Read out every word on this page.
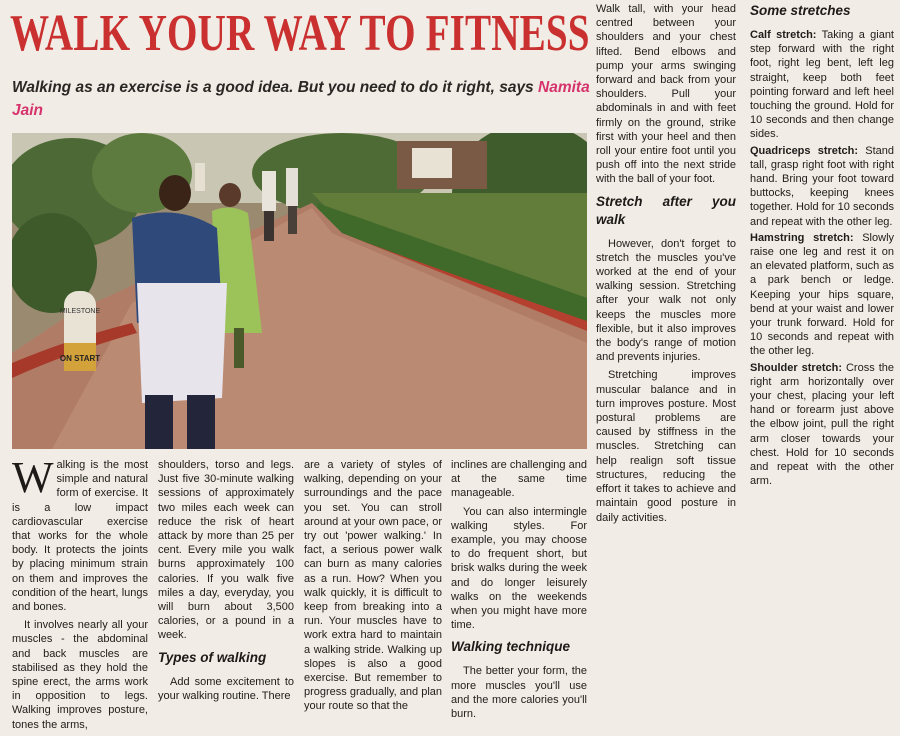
WALK YOUR WAY TO FITNESS
Walking as an exercise is a good idea. But you need to do it right, says Namita Jain
MILESTONE
ON START

Walking is the most simple and natural form of exercise. It is a low impact cardiovascular exercise that works for the whole body. It protects the joints by placing minimum strain on them and improves the condition of the heart, lungs and bones.

It involves nearly all your muscles - the abdominal and back muscles are stabilised as they hold the spine erect, the arms work in opposition to legs. Walking improves posture, tones the arms,

shoulders, torso and legs. Just five 30-minute walking sessions of approximately two miles each week can reduce the risk of heart attack by more than 25 per cent. Every mile you walk burns approximately 100 calories. If you walk five miles a day, everyday, you will burn about 3,500 calories, or a pound in a week.

Types of walking

Add some excitement to your walking routine. There

are a variety of styles of walking, depending on your surroundings and the pace you set. You can stroll around at your own pace, or try out 'power walking.' In fact, a serious power walk can burn as many calories as a run. How? When you walk quickly, it is difficult to keep from breaking into a run. Your muscles have to work extra hard to maintain a walking stride. Walking up slopes is also a good exercise. But remember to progress gradually, and plan your route so that the

inclines are challenging and at the same time manageable.

You can also intermingle walking styles. For example, you may choose to do frequent short, but brisk walks during the week and do longer leisurely walks on the weekends when you might have more time.

Walking technique

The better your form, the more muscles you'll use and the more calories you'll burn.

Walk tall, with your head centred between your shoulders and your chest lifted. Bend elbows and pump your arms swinging forward and back from your shoulders. Pull your abdominals in and with feet firmly on the ground, strike first with your heel and then roll your entire foot until you push off into the next stride with the ball of your foot.

Stretch after you walk

However, don't forget to stretch the muscles you've worked at the end of your walking session. Stretching after your walk not only keeps the muscles more flexible, but it also improves the body's range of motion and prevents injuries.

Stretching improves muscular balance and in turn improves posture. Most postural problems are caused by stiffness in the muscles. Stretching can help realign soft tissue structures, reducing the effort it takes to achieve and maintain good posture in daily activities.

Some stretches

Calf stretch: Taking a giant step forward with the right foot, right leg bent, left leg straight, keep both feet pointing forward and left heel touching the ground. Hold for 10 seconds and then change sides.

Quadriceps stretch: Stand tall, grasp right foot with right hand. Bring your foot toward buttocks, keeping knees together. Hold for 10 seconds and repeat with the other leg.

Hamstring stretch: Slowly raise one leg and rest it on an elevated platform, such as a park bench or ledge. Keeping your hips square, bend at your waist and lower your trunk forward. Hold for 10 seconds and repeat with the other leg.

Shoulder stretch: Cross the right arm horizontally over your chest, placing your left hand or forearm just above the elbow joint, pull the right arm closer towards your chest. Hold for 10 seconds and repeat with the other arm.
